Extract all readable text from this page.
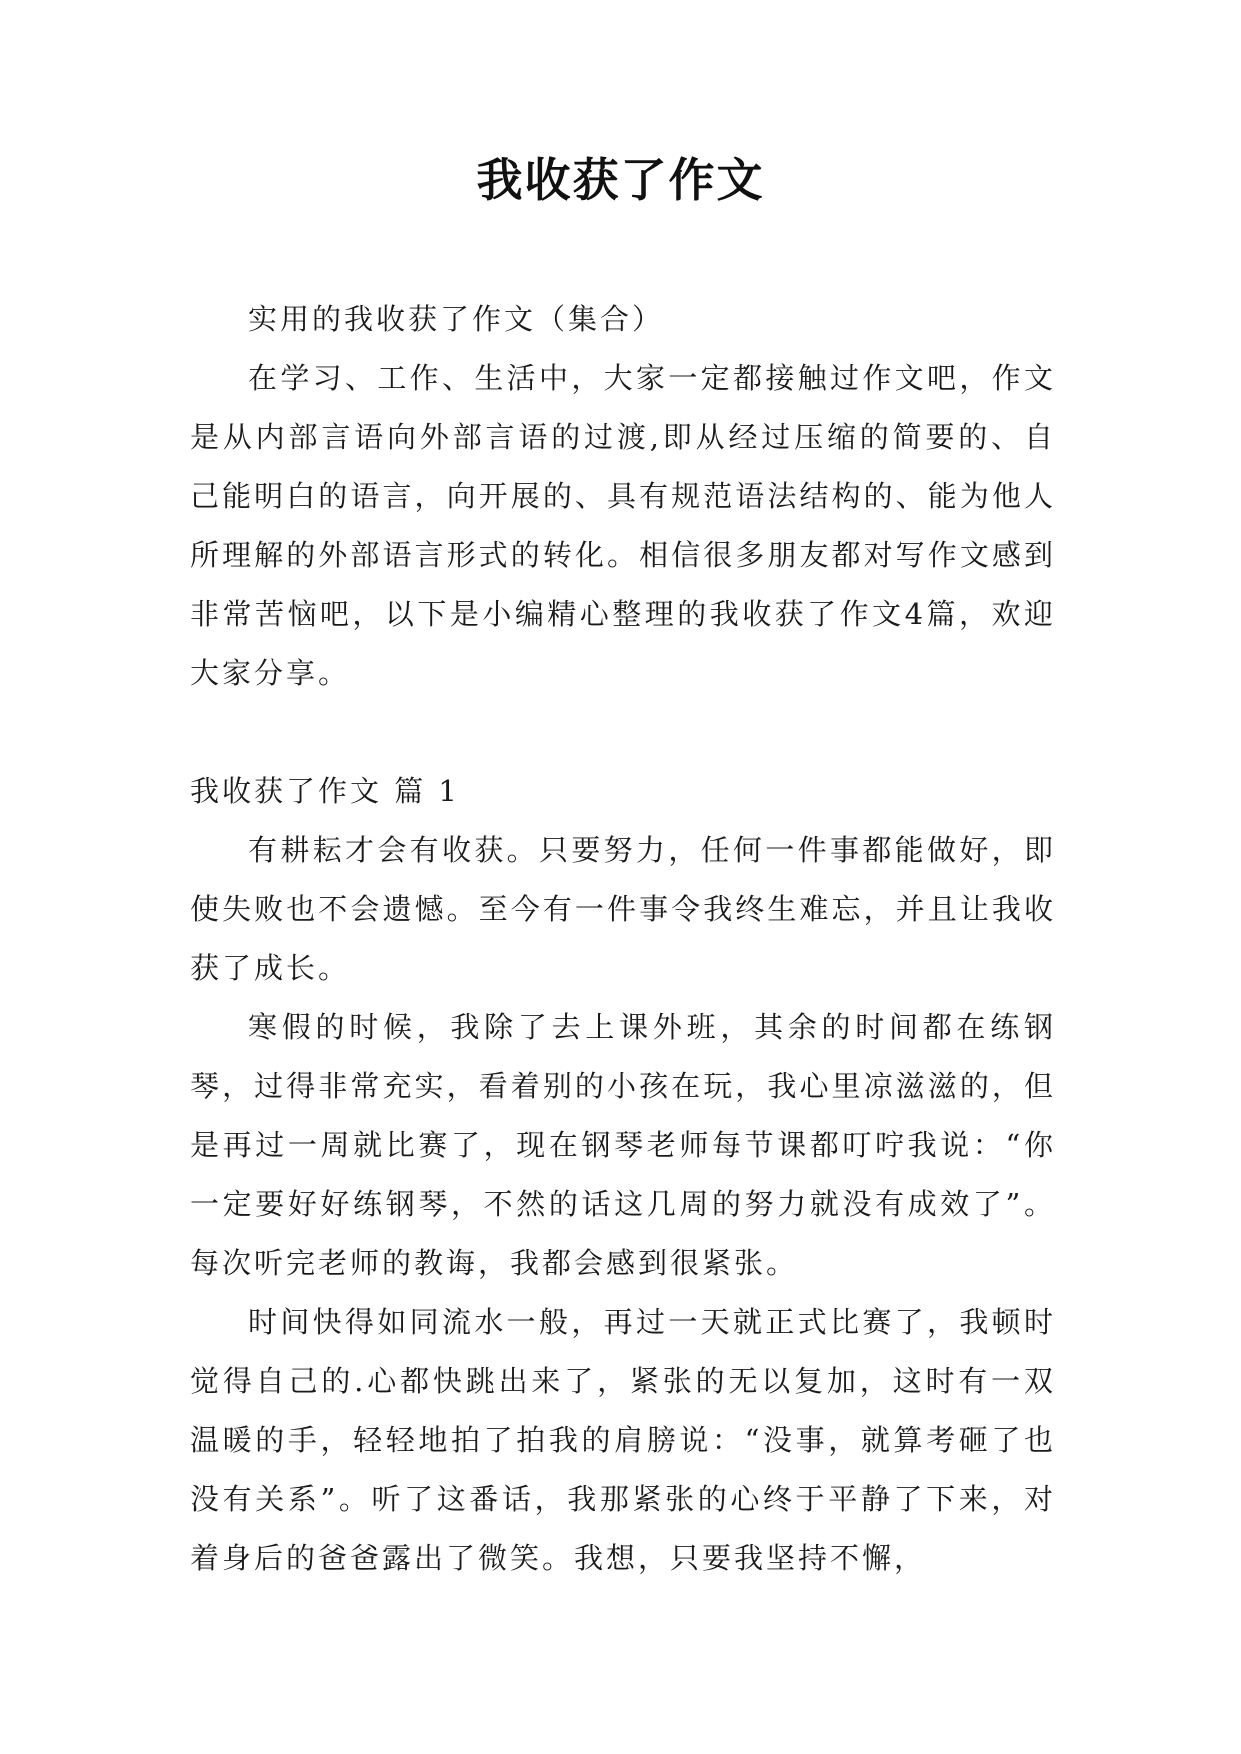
我收获了作文

实用的我收获了作文（集合）

在学习、工作、生活中，大家一定都接触过作文吧，作文是从内部言语向外部言语的过渡,即从经过压缩的简要的、自己能明白的语言，向开展的、具有规范语法结构的、能为他人所理解的外部语言形式的转化。相信很多朋友都对写作文感到非常苦恼吧，以下是小编精心整理的我收获了作文4篇，欢迎大家分享。

我收获了作文 篇 1

有耕耘才会有收获。只要努力，任何一件事都能做好，即使失败也不会遗憾。至今有一件事令我终生难忘，并且让我收获了成长。

寒假的时候，我除了去上课外班，其余的时间都在练钢琴，过得非常充实，看着别的小孩在玩，我心里凉滋滋的，但是再过一周就比赛了，现在钢琴老师每节课都叮咛我说：“你一定要好好练钢琴，不然的话这几周的努力就没有成效了”。每次听完老师的教诲，我都会感到很紧张。

时间快得如同流水一般，再过一天就正式比赛了，我顿时觉得自己的.心都快跳出来了，紧张的无以复加，这时有一双温暖的手，轻轻地拍了拍我的肩膀说：“没事，就算考砸了也没有关系”。听了这番话，我那紧张的心终于平静了下来，对着身后的爸爸露出了微笑。我想，只要我坚持不懈，
